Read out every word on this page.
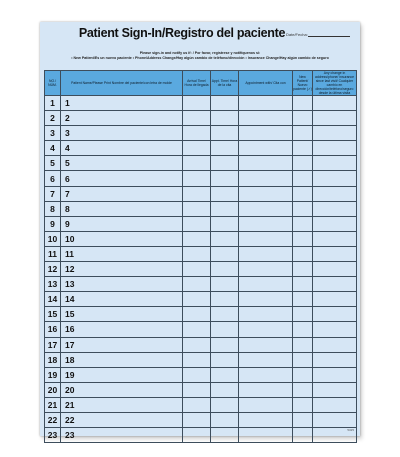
Patient Sign-In/Registro del paciente Date/Fecha:
Please sign-in and notify us if: / Por favor, regístrese y notifíquenos si:
• New Patient/Es un nuevo paciente • Phone/Address Change/Hay algún cambio de teléfono/dirección • Insurance Change/Hay algún cambio de seguro
NO./ NÚM.	Patient Name/Please Print Nombre del paciente/con letra de molde	Arrival Time/ Hora de llegada	Appt. Time/ Hora de la cita	Appointment with/ Cita con	New Patient/ Nuevo paciente (✓)	Any change in address/phone/ insurance since last visit/ Cualquier cambio en dirección/teléfono/seguro desde la última visita
1	1					
2	2					
3	3					
4	4					
5	5					
6	6					
7	7					
8	8					
9	9					
10	10					
11	11					
12	12					
13	13					
14	14					
15	15					
16	16					
17	17					
18	18					
19	19					
20	20					
21	21					
22	22					
23	23					
5325
